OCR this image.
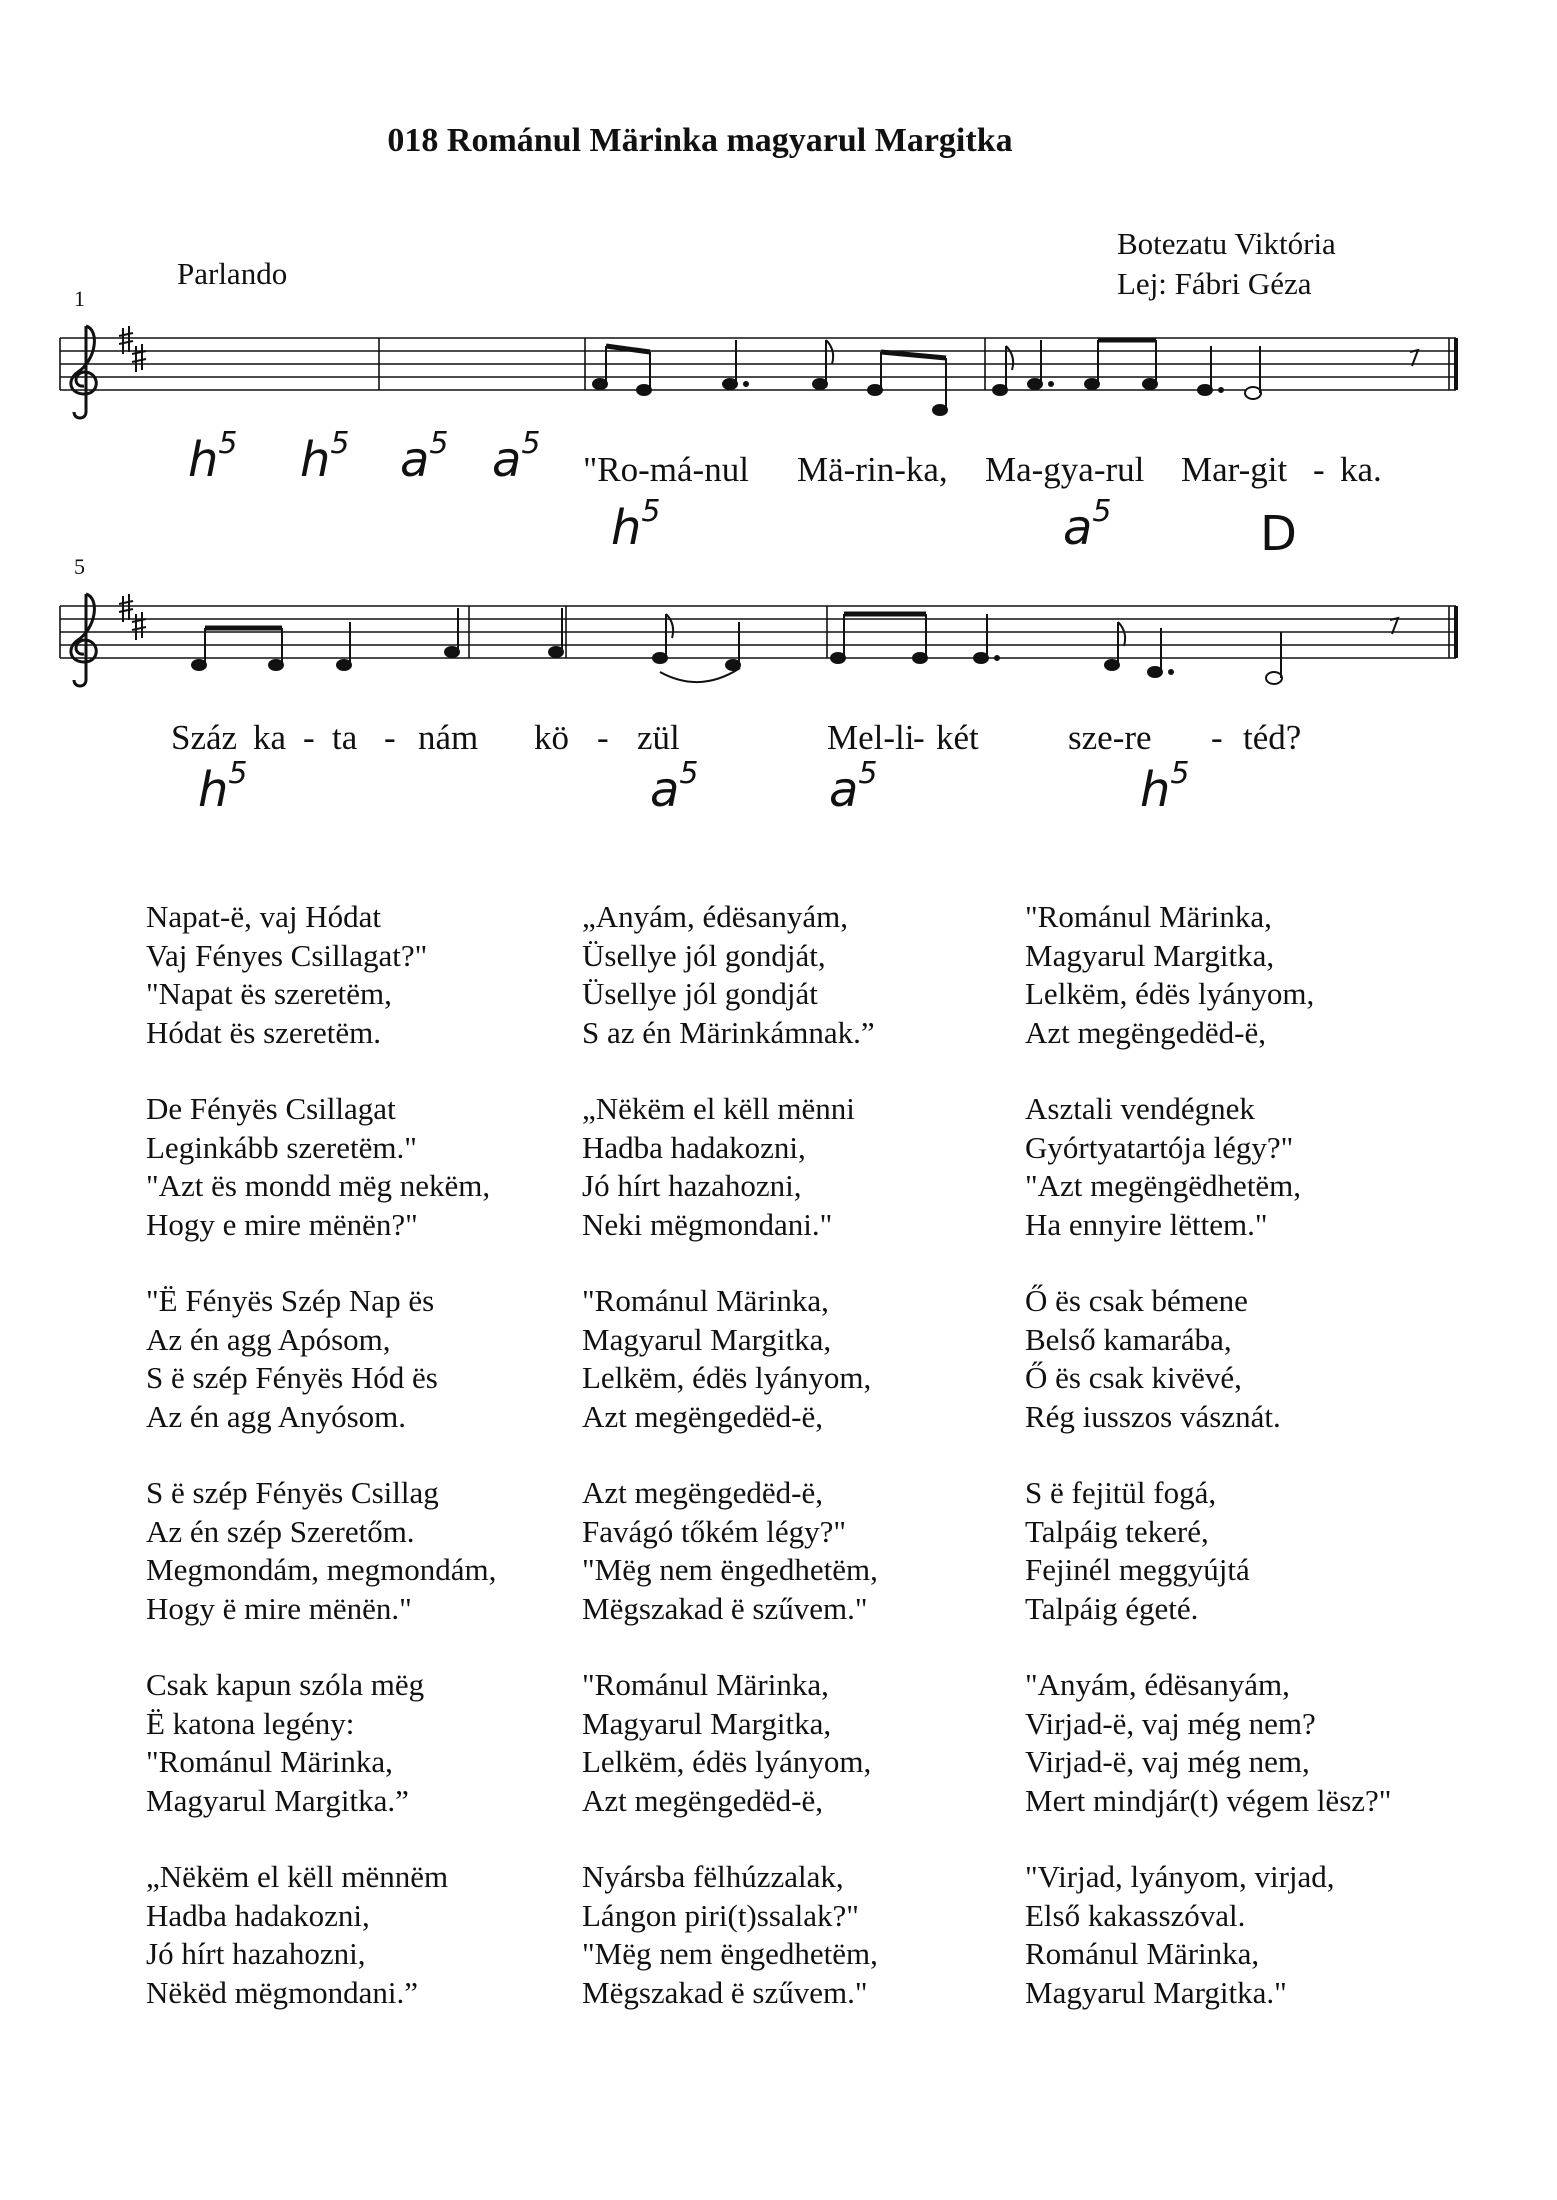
018 Románul Märinka magyarul Margitka
Parlando
Botezatu Viktória
Lej: Fábri Géza
1
$h^5$ $h^5$ $a^5$ $a^5$
"Ro-má-nul Mä-rin-ka, Ma-gya-rul Mar-git - ka.
$h^5$	$a^5$	D
5
Száz ka - ta - nám kö - zül	Mel-li
- két	sze-re - téd?
$h^5$	$a^5$	$a^5$	$h^5$
Napat-ë, vaj Hódat
Vaj Fényes Csillagat?"
"Napat ës szeretëm,
Hódat ës szeretëm.
De Fényës Csillagat
Leginkább szeretëm."
"Azt ës mondd mëg nekëm,
Hogy e mire mënën?"
"Ë Fényës Szép Nap ës
Az én agg Apósom,
S ë szép Fényës Hód ës
Az én agg Anyósom.
S ë szép Fényës Csillag
Az én szép Szeretőm.
Megmondám, megmondám,
Hogy ë mire mënën."
Csak kapun szóla mëg
Ë katona legény:
"Románul Märinka,
Magyarul Margitka.”
„Nëkëm el këll mënnëm
Hadba hadakozni,
Jó hírt hazahozni,
Nëkëd mëgmondani.”
„Anyám, édësanyám,
Üsellye jól gondját,
Üsellye jól gondját
S az én Märinkámnak.”
„Nëkëm el këll mënni
Hadba hadakozni,
Jó hírt hazahozni,
Neki mëgmondani."
"Románul Märinka,
Magyarul Margitka,
Lelkëm, édës lyányom,
Azt megëngedëd-ë,
Azt megëngedëd-ë,
Favágó tőkém légy?"
"Mëg nem ëngedhetëm,
Mëgszakad ë szűvem."
"Románul Märinka,
Magyarul Margitka,
Lelkëm, édës lyányom,
Azt megëngedëd-ë,
Nyársba fëlhúzzalak,
Lángon piri(t)ssalak?"
"Mëg nem ëngedhetëm,
Mëgszakad ë szűvem."
"Románul Märinka,
Magyarul Margitka,
Lelkëm, édës lyányom,
Azt megëngedëd-ë,
Asztali vendégnek
Gyórtyatartója légy?"
"Azt megëngëdhetëm,
Ha ennyire lëttem."
Ő ës csak bémene
Belső kamarába,
Ő ës csak kivëvé,
Rég iusszos vásznát.
S ë fejitül fogá,
Talpáig tekeré,
Fejinél meggyújtá
Talpáig égeté.
"Anyám, édësanyám,
Virjad-ë, vaj még nem?
Virjad-ë, vaj még nem,
Mert mindjár(t) végem lësz?"
"Virjad, lyányom, virjad,
Első kakasszóval.
Románul Märinka,
Magyarul Margitka."
